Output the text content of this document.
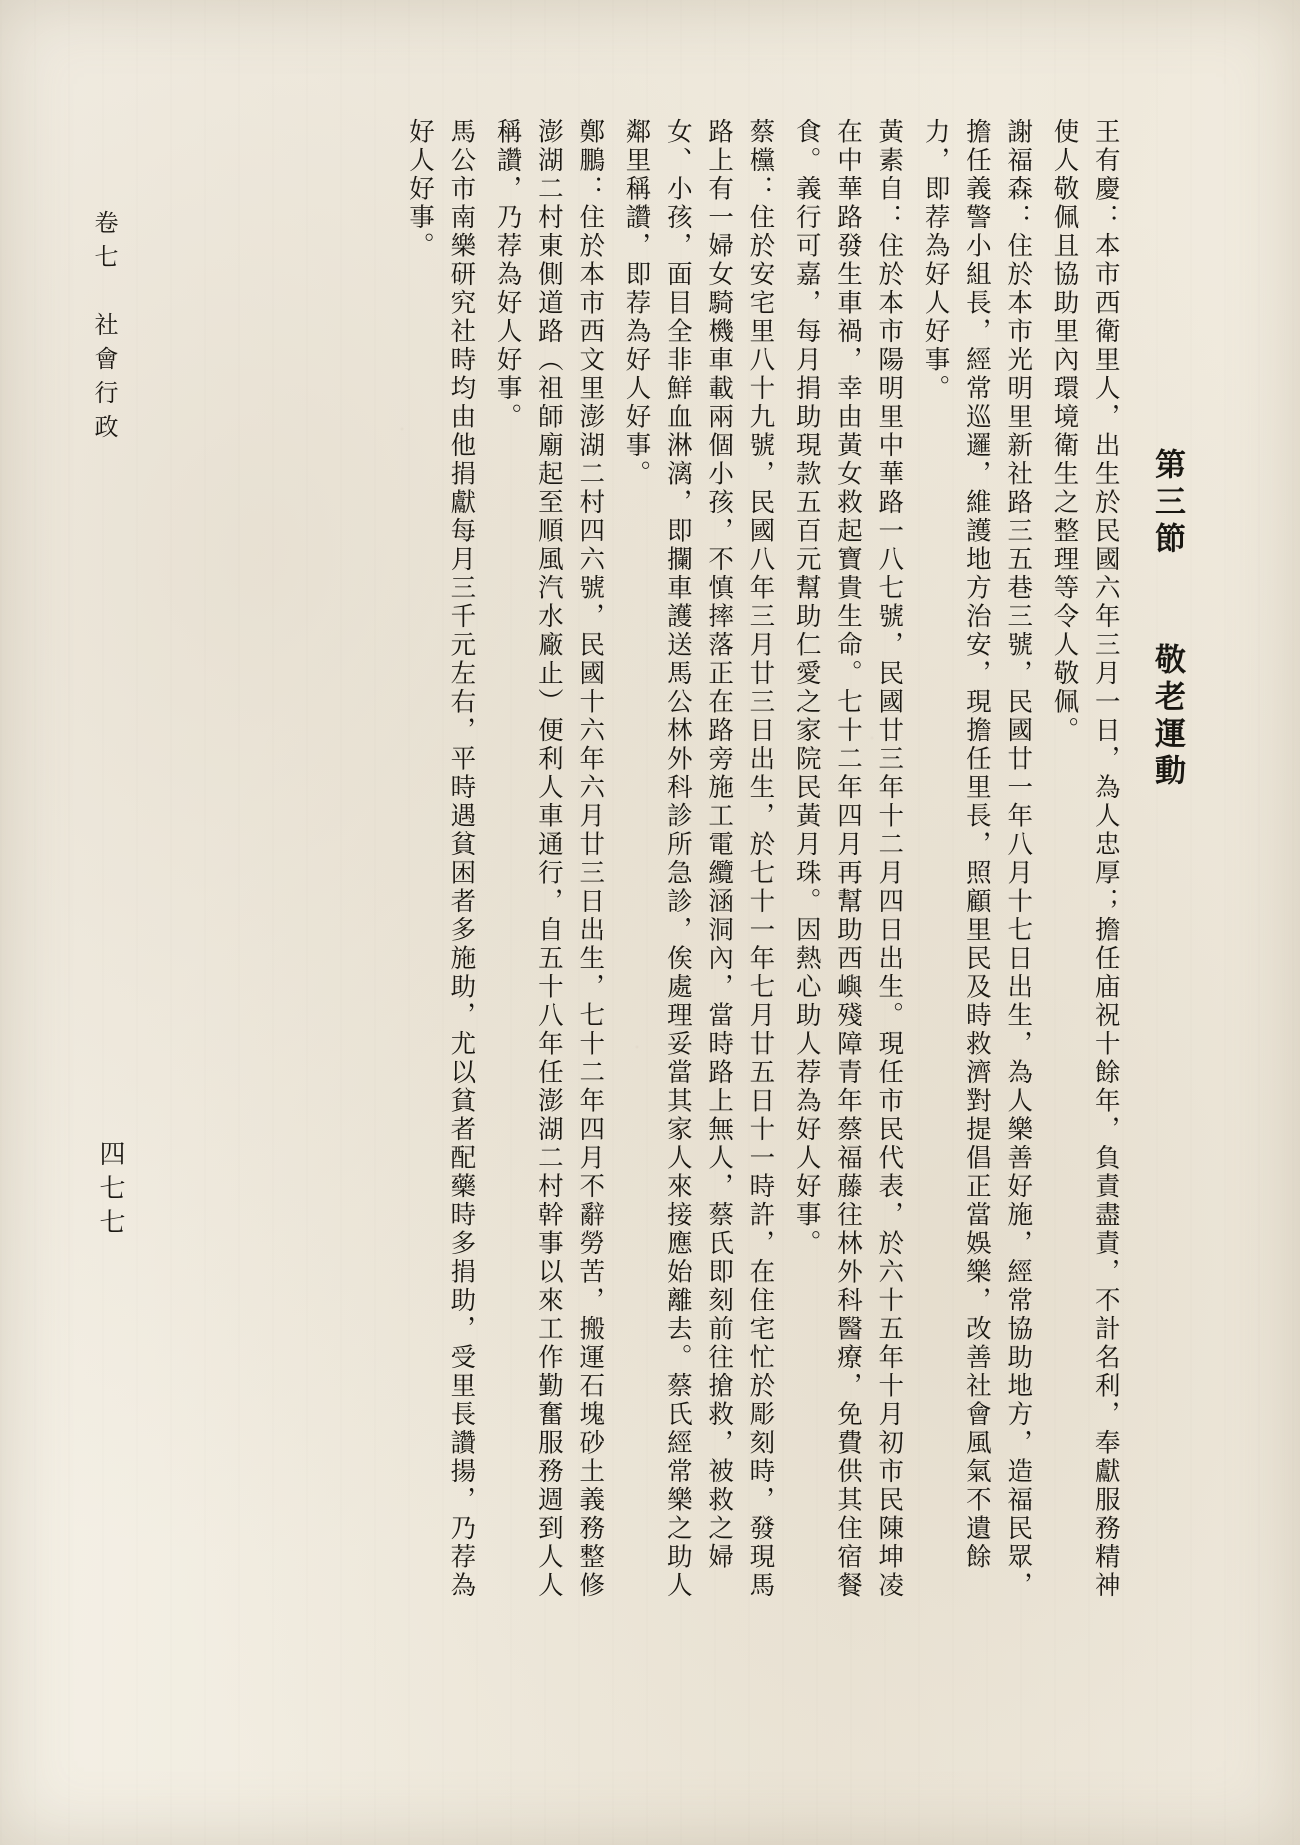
馬公市南樂研究社時均由他捐獻每月三千元左右，平時遇貧困者多施助，尤以貧者配藥時多捐助，受里長讚揚，乃荐為好人好事。	鄭鵬：住於本市西文里澎湖二村四六號，民國十六年六月廿三日出生，七十二年四月不辭勞苦，搬運石塊砂土義務整修澎湖二村東側道路（祖師廟起至順風汽水廠止）便利人車通行，自五十八年任澎湖二村幹事以來工作勤奮服務週到人人稱讚，乃荐為好人好事。	蔡欓：住於安宅里八十九號，民國八年三月廿三日出生，於七十一年七月廿五日十一時許，在住宅忙於彫刻時，發現馬路上有一婦女騎機車載兩個小孩，不慎摔落正在路旁施工電纜涵洞內，當時路上無人，蔡氏即刻前往搶救，被救之婦女、小孩，面目全非鮮血淋漓，即攔車護送馬公林外科診所急診，俟處理妥當其家人來接應始離去。蔡氏經常樂之助人鄰里稱讚，即荐為好人好事。	黃素自：住於本市陽明里中華路一八七號，民國廿三年十二月四日出生。現任市民代表，於六十五年十月初市民陳坤凌在中華路發生車禍，幸由黃女救起寶貴生命。七十二年四月再幫助西嶼殘障青年蔡福藤往林外科醫療，免費供其住宿餐食。義行可嘉，每月捐助現款五百元幫助仁愛之家院民黃月珠。因熱心助人荐為好人好事。	謝福森：住於本市光明里新社路三五巷三號，民國廿一年八月十七日出生，為人樂善好施，經常協助地方，造福民眾，擔任義警小組長，經常巡邏，維護地方治安，現擔任里長，照顧里民及時救濟對提倡正當娛樂，改善社會風氣不遺餘力，即荐為好人好事。	王有慶：本市西衛里人，出生於民國六年三月一日，為人忠厚；擔任庙祝十餘年，負責盡責，不計名利，奉獻服務精神使人敬佩且協助里內環境衛生之整理等令人敬佩。	第三節  敬老運動
卷七　社會行政
四七七
